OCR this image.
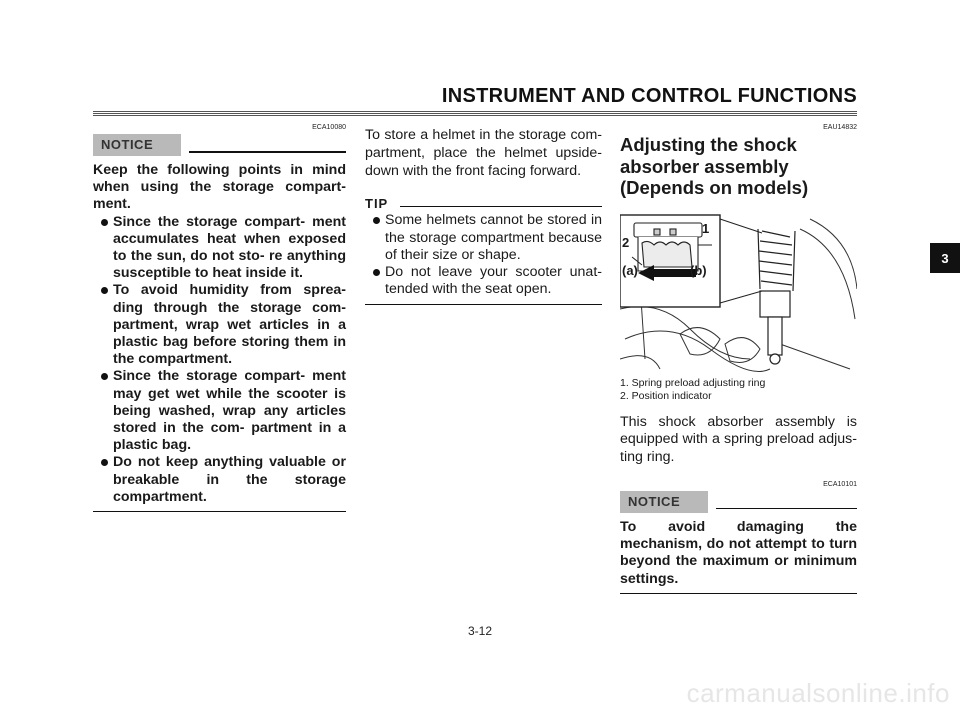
INSTRUMENT AND CONTROL FUNCTIONS
3
ECA10080
NOTICE
Keep the following points in mind when using the storage compart- ment.
Since the storage compart- ment accumulates heat when exposed to the sun, do not sto- re anything susceptible to heat inside it.
To avoid humidity from sprea- ding through the storage com- partment, wrap wet articles in a plastic bag before storing them in the compartment.
Since the storage compart- ment may get wet while the scooter is being washed, wrap any articles stored in the com- partment in a plastic bag.
Do not keep anything valuable or breakable in the storage compartment.
To store a helmet in the storage com- partment, place the helmet upside- down with the front facing forward.
TIP
Some helmets cannot be stored in the storage compartment because of their size or shape.
Do not leave your scooter unat- tended with the seat open.
EAU14832
Adjusting the shock
absorber assembly
(Depends on models)
1
2
(a)	(b)
1. Spring preload adjusting ring
2. Position indicator
This shock absorber assembly is equipped with a spring preload adjus- ting ring.
ECA10101
NOTICE
To avoid damaging the mechanism, do not attempt to turn beyond the maximum or minimum settings.
3-12
carmanualsonline.info
